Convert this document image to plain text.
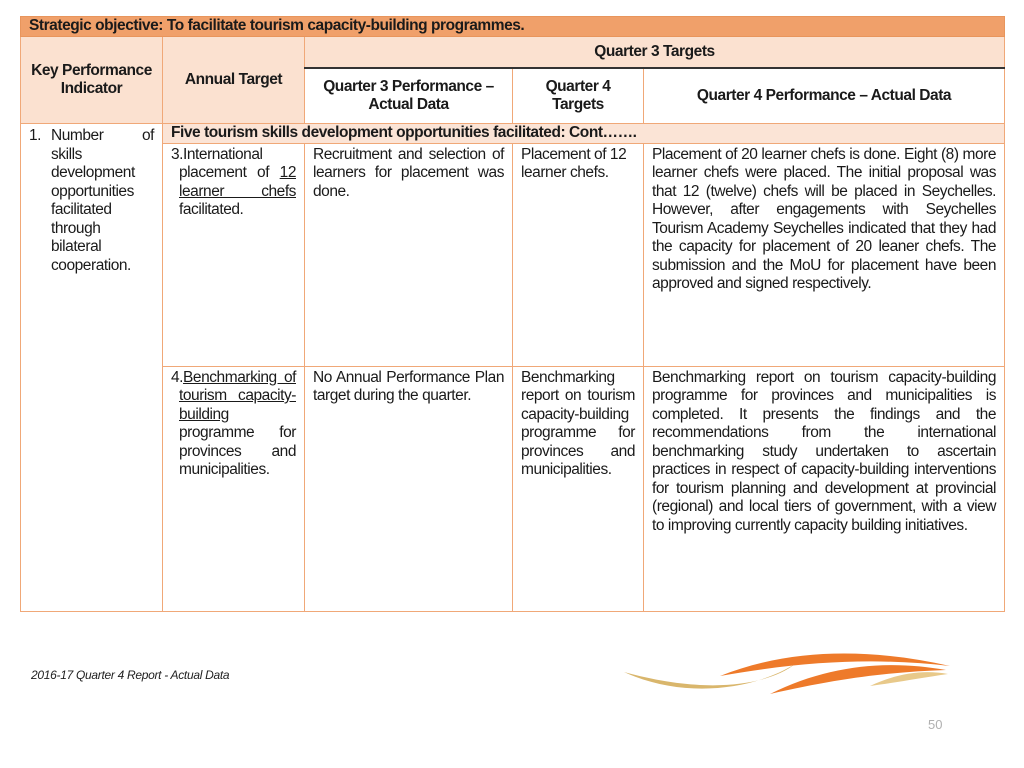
Strategic objective: To facilitate tourism capacity-building programmes.				
Key Performance Indicator	Annual Target	Quarter 3 Targets		
		Quarter 3 Performance – Actual Data	Quarter 4 Targets	Quarter 4 Performance – Actual Data

1. Number of skills development opportunities facilitated through bilateral cooperation.	Five tourism skills development opportunities facilitated: Cont…….			

	3.International placement of 12 learner chefs facilitated.	Recruitment and selection of learners for placement was done.	Placement of 12 learner chefs.	Placement of 20 learner chefs is done. Eight (8) more learner chefs were placed. The initial proposal was that 12 (twelve) chefs will be placed in Seychelles. However, after engagements with Seychelles Tourism Academy Seychelles indicated that they had the capacity for placement of 20 leaner chefs. The submission and the MoU for placement have been approved and signed respectively.

	4.Benchmarking of tourism capacity-building programme for provinces and municipalities.	No Annual Performance Plan target during the quarter.	Benchmarking report on tourism capacity-building programme for provinces and municipalities.	Benchmarking report on tourism capacity-building programme for provinces and municipalities is completed. It presents the findings and the recommendations from the international benchmarking study undertaken to ascertain practices in respect of capacity-building interventions for tourism planning and development at provincial (regional) and local tiers of government, with a view to improving currently capacity building initiatives.
2016-17 Quarter 4 Report - Actual Data
50
